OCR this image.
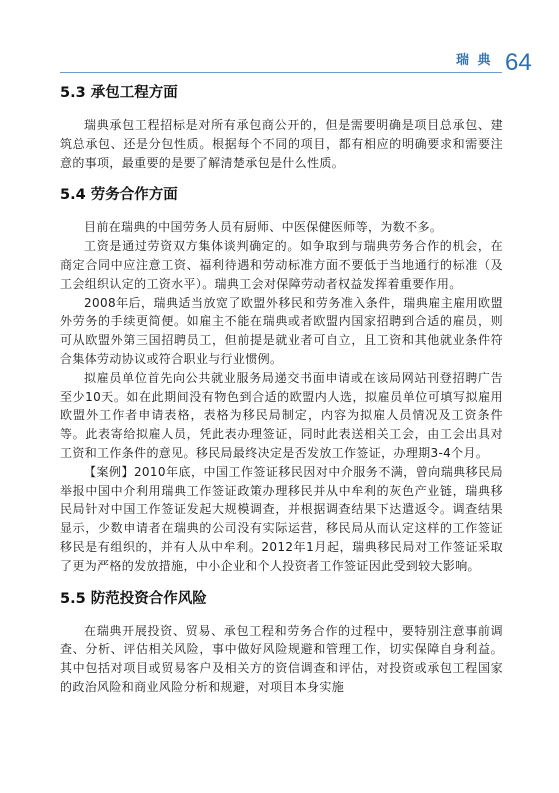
瑞 典 64
5.3 承包工程方面

瑞典承包工程招标是对所有承包商公开的，但是需要明确是项目总承包、建筑总承包、还是分包性质。根据每个不同的项目，都有相应的明确要求和需要注意的事项，最重要的是要了解清楚承包是什么性质。

5.4 劳务合作方面

目前在瑞典的中国劳务人员有厨师、中医保健医师等，为数不多。

工资是通过劳资双方集体谈判确定的。如争取到与瑞典劳务合作的机会，在商定合同中应注意工资、福利待遇和劳动标准方面不要低于当地通行的标准（及工会组织认定的工资水平）。瑞典工会对保障劳动者权益发挥着重要作用。

2008年后，瑞典适当放宽了欧盟外移民和劳务准入条件，瑞典雇主雇用欧盟外劳务的手续更简便。如雇主不能在瑞典或者欧盟内国家招聘到合适的雇员，则可从欧盟外第三国招聘员工，但前提是就业者可自立，且工资和其他就业条件符合集体劳动协议或符合职业与行业惯例。

拟雇员单位首先向公共就业服务局递交书面申请或在该局网站刊登招聘广告至少10天。如在此期间没有物色到合适的欧盟内人选，拟雇员单位可填写拟雇用欧盟外工作者申请表格，表格为移民局制定，内容为拟雇人员情况及工资条件等。此表寄给拟雇人员，凭此表办理签证，同时此表送相关工会，由工会出具对工资和工作条件的意见。移民局最终决定是否发放工作签证，办理期3-4个月。

【案例】2010年底，中国工作签证移民因对中介服务不满，曾向瑞典移民局举报中国中介利用瑞典工作签证政策办理移民并从中牟利的灰色产业链，瑞典移民局针对中国工作签证发起大规模调查，并根据调查结果下达遣返令。调查结果显示，少数申请者在瑞典的公司没有实际运营，移民局从而认定这样的工作签证移民是有组织的，并有人从中牟利。2012年1月起，瑞典移民局对工作签证采取了更为严格的发放措施，中小企业和个人投资者工作签证因此受到较大影响。

5.5 防范投资合作风险

在瑞典开展投资、贸易、承包工程和劳务合作的过程中，要特别注意事前调查、分析、评估相关风险，事中做好风险规避和管理工作，切实保障自身利益。其中包括对项目或贸易客户及相关方的资信调查和评估，对投资或承包工程国家的政治风险和商业风险分析和规避，对项目本身实施
